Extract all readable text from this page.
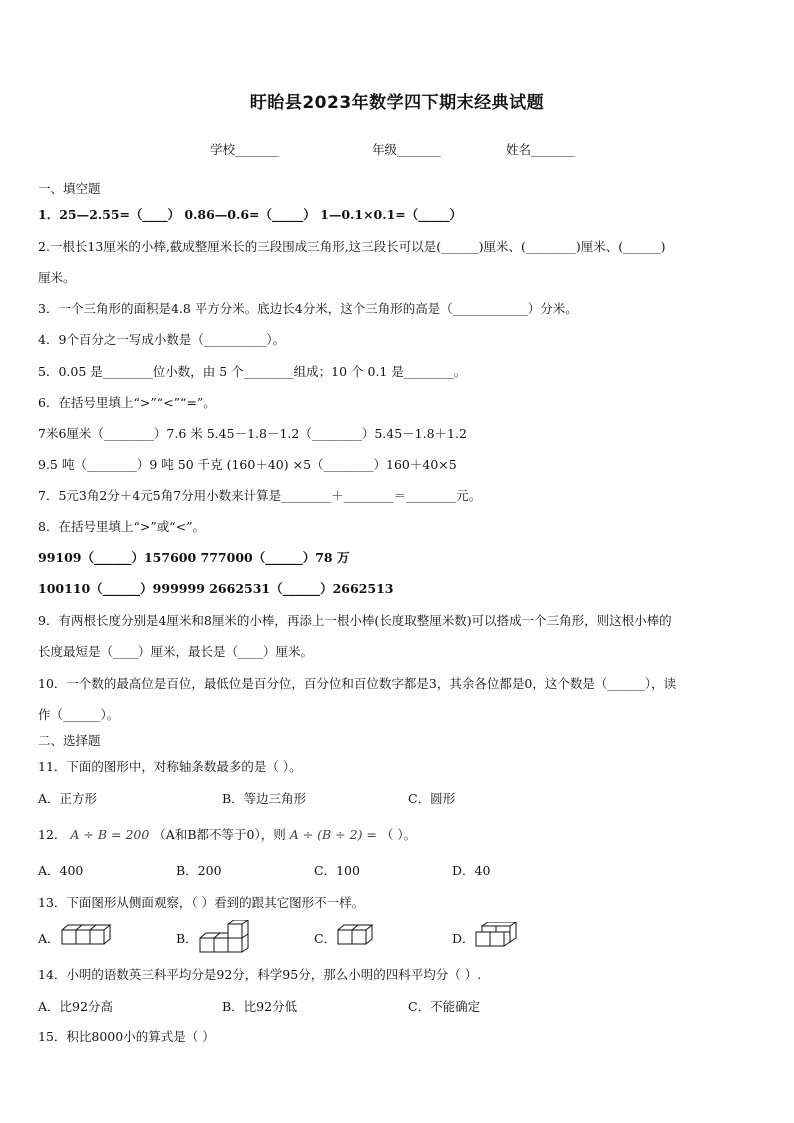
盱眙县2023年数学四下期末经典试题
学校_______	年级_______	姓名_______
一、填空题
1．25—2.55=（____） 0.86—0.6=（_____） 1—0.1×0.1=（_____）
2.一根长13厘米的小棒,截成整厘米长的三段围成三角形,这三段长可以是(______)厘米、(________)厘米、(______)
厘米。
3．一个三角形的面积是4.8 平方分米。底边长4分米，这个三角形的高是（____________）分米。
4．9个百分之一写成小数是（__________）。
5．0.05 是________位小数，由 5 个________组成；10 个 0.1 是________。
6．在括号里填上“>”“<”“=”。
7米6厘米（________）7.6 米 5.45－1.8－1.2（________）5.45－1.8＋1.2
9.5 吨（________）9 吨 50 千克 (160＋40) ×5（________）160＋40×5
7．5元3角2分＋4元5角7分用小数来计算是________＋________＝________元。
8．在括号里填上“>”或“<”。
99109（______）157600 777000（______）78 万
100110（______）999999 2662531（______）2662513
9．有两根长度分别是4厘米和8厘米的小棒，再添上一根小棒(长度取整厘米数)可以搭成一个三角形，则这根小棒的
长度最短是（____）厘米，最长是（____）厘米。
10．一个数的最高位是百位，最低位是百分位，百分位和百位数字都是3，其余各位都是0，这个数是（______），读
作（______）。
二、选择题
11．下面的图形中，对称轴条数最多的是（ ）。
A．正方形	B．等边三角形	C．圆形
12． A ÷ B = 200 （A和B都不等于0），则 A ÷ (B ÷ 2) = （ ）。
A．400	B．200	C．100	D．40
13．下面图形从侧面观察，（ ）看到的跟其它图形不一样。
A．	B．	C．	D．
14．小明的语数英三科平均分是92分，科学95分，那么小明的四科平均分（ ）.
A．比92分高	B．比92分低	C．不能确定
15．积比8000小的算式是（ ）
